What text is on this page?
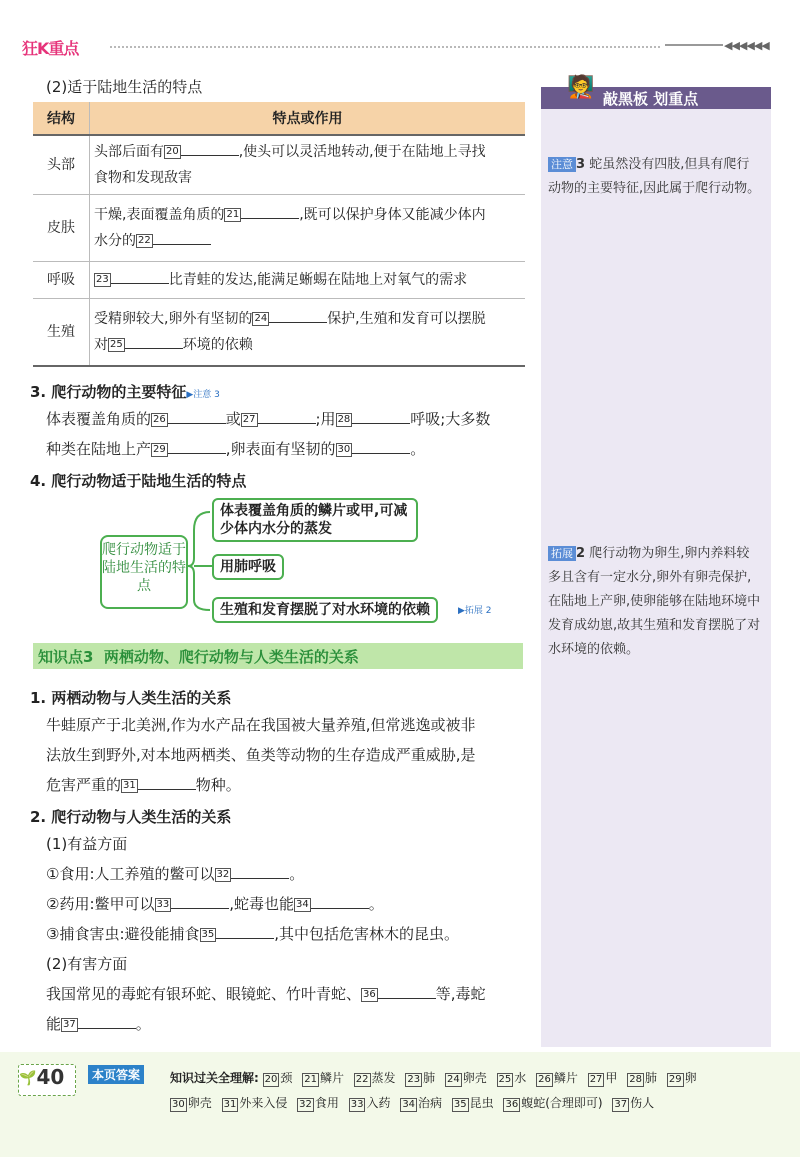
狂K重点	◀◀◀◀◀◀
(2)适于陆地生活的特点
结构	特点或作用
头部	头部后面有 20 ,使头可以灵活地转动,便于在陆地上寻找
食物和发现敌害
皮肤	干燥,表面覆盖角质的 21 ,既可以保护身体又能减少体内
水分的 22
呼吸	23 比青蛙的发达,能满足蜥蜴在陆地上对氧气的需求
生殖	受精卵较大,卵外有坚韧的 24 保护,生殖和发育可以摆脱
对 25 环境的依赖
3. 爬行动物的主要特征▶注意 3
体表覆盖角质的 26	或 27	;用 28	呼吸;大多数
种类在陆地上产 29	,卵表面有坚韧的 30	。
4. 爬行动物适于陆地生活的特点
爬行动物适于陆地生活的特点
体表覆盖角质的鳞片或甲,可减少体内水分的蒸发
用肺呼吸
生殖和发育摆脱了对水环境的依赖	▶拓展 2
知识点3 两栖动物、爬行动物与人类生活的关系
1. 两栖动物与人类生活的关系
牛蛙原产于北美洲,作为水产品在我国被大量养殖,但常逃逸或被非
法放生到野外,对本地两栖类、鱼类等动物的生存造成严重威胁,是
危害严重的 31	物种。
2. 爬行动物与人类生活的关系
(1)有益方面
①食用:人工养殖的鳖可以 32	。
②药用:鳖甲可以 33	,蛇毒也能 34	。
③捕食害虫:避役能捕食 35	,其中包括危害林木的昆虫。
(2)有害方面
我国常见的毒蛇有银环蛇、眼镜蛇、竹叶青蛇、 36	等,毒蛇
能 37	。
🧑‍🏫 敲黑板 划重点
注意 3 蛇虽然没有四肢,但具有爬行动物的主要特征,因此属于爬行动物。
拓展 2 爬行动物为卵生,卵内养料较多且含有一定水分,卵外有卵壳保护,在陆地上产卵,使卵能够在陆地环境中发育成幼崽,故其生殖和发育摆脱了对水环境的依赖。
🌱40	本页答案	知识过关全理解: 20 颈 21 鳞片 22 蒸发 23 肺 24 卵壳 25 水 26 鳞片 27 甲 28 肺 29 卵 30 卵壳 31 外来入侵 32 食用 33 入药 34 治病 35 昆虫 36 蝮蛇(合理即可) 37 伤人
